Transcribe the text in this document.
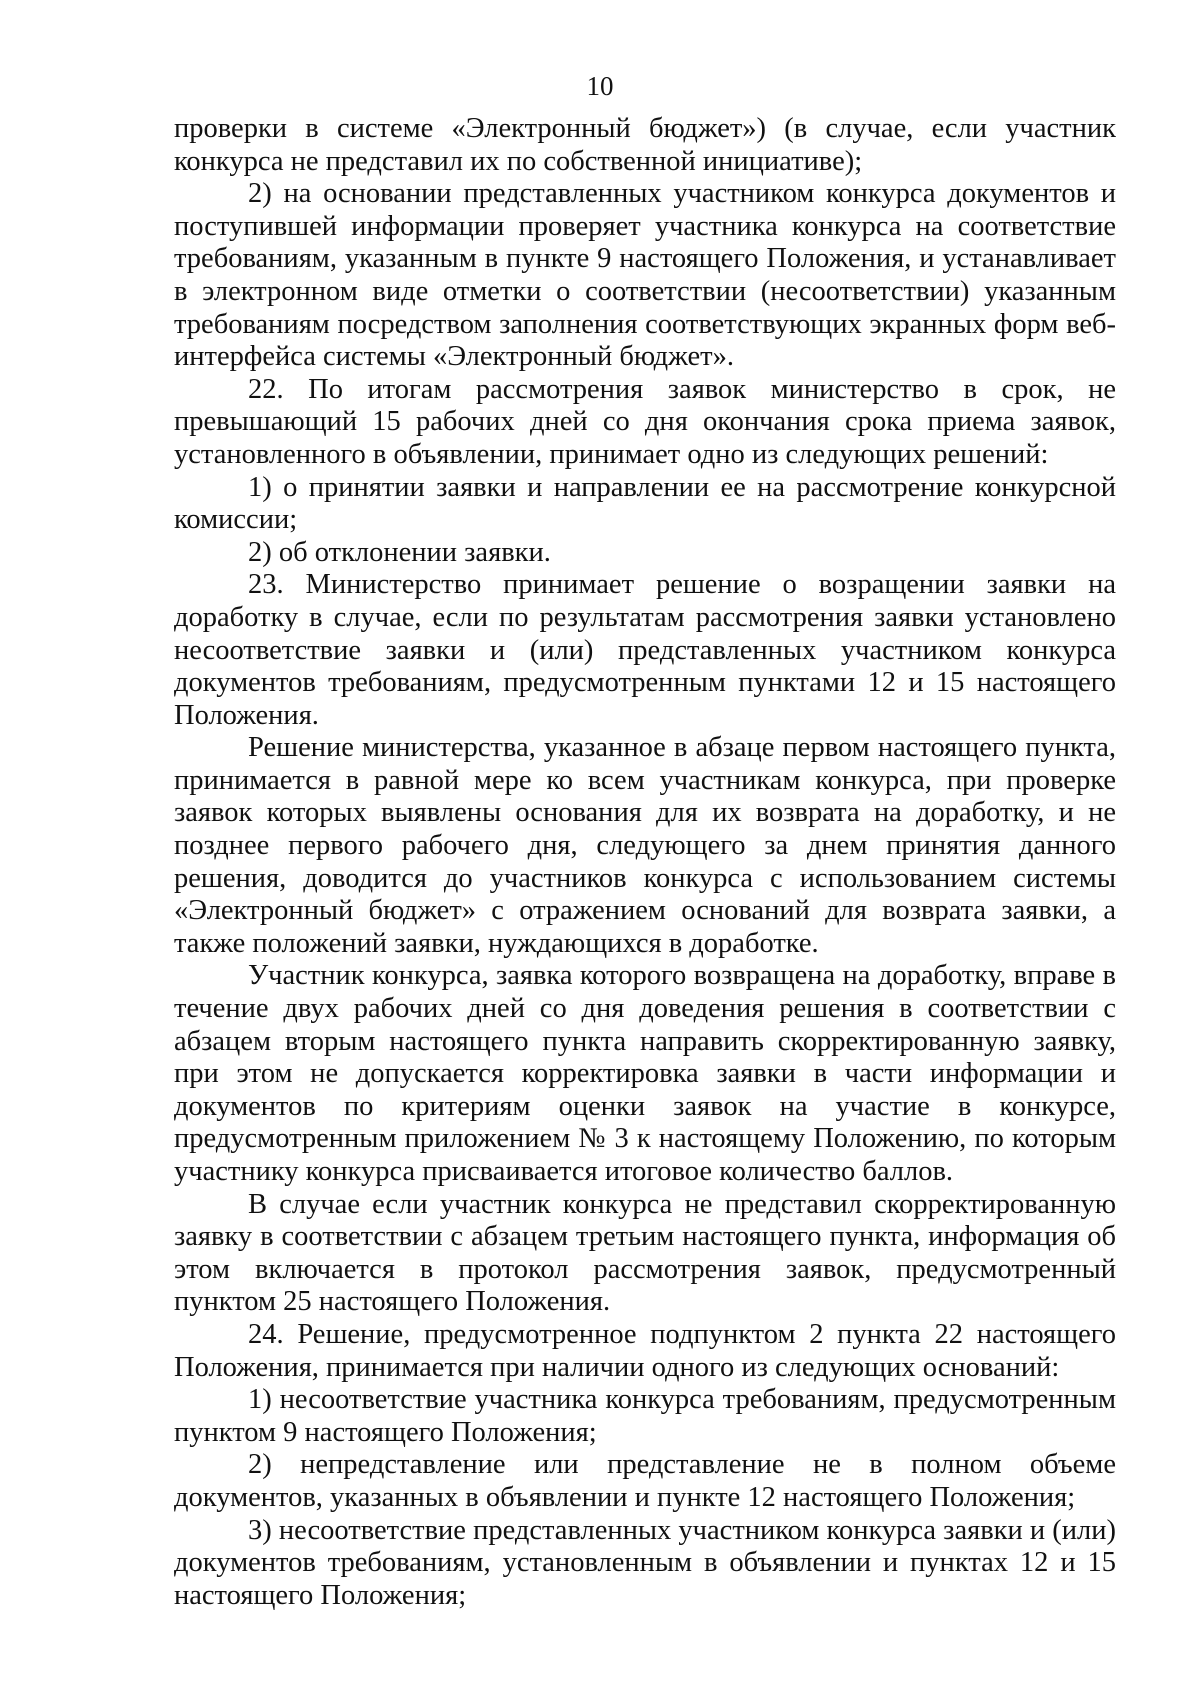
10

проверки в системе «Электронный бюджет») (в случае, если участник конкурса не представил их по собственной инициативе);

2) на основании представленных участником конкурса документов и поступившей информации проверяет участника конкурса на соответствие требованиям, указанным в пункте 9 настоящего Положения, и устанавливает в электронном виде отметки о соответствии (несоответствии) указанным требованиям посредством заполнения соответствующих экранных форм веб-интерфейса системы «Электронный бюджет».

22. По итогам рассмотрения заявок министерство в срок, не превышающий 15 рабочих дней со дня окончания срока приема заявок, установленного в объявлении, принимает одно из следующих решений:

1) о принятии заявки и направлении ее на рассмотрение конкурсной комиссии;

2) об отклонении заявки.

23. Министерство принимает решение о возращении заявки на доработку в случае, если по результатам рассмотрения заявки установлено несоответствие заявки и (или) представленных участником конкурса документов требованиям, предусмотренным пунктами 12 и 15 настоящего Положения.

Решение министерства, указанное в абзаце первом настоящего пункта, принимается в равной мере ко всем участникам конкурса, при проверке заявок которых выявлены основания для их возврата на доработку, и не позднее первого рабочего дня, следующего за днем принятия данного решения, доводится до участников конкурса с использованием системы «Электронный бюджет» с отражением оснований для возврата заявки, а также положений заявки, нуждающихся в доработке.

Участник конкурса, заявка которого возвращена на доработку, вправе в течение двух рабочих дней со дня доведения решения в соответствии с абзацем вторым настоящего пункта направить скорректированную заявку, при этом не допускается корректировка заявки в части информации и документов по критериям оценки заявок на участие в конкурсе, предусмотренным приложением № 3 к настоящему Положению, по которым участнику конкурса присваивается итоговое количество баллов.

В случае если участник конкурса не представил скорректированную заявку в соответствии с абзацем третьим настоящего пункта, информация об этом включается в протокол рассмотрения заявок, предусмотренный пунктом 25 настоящего Положения.

24. Решение, предусмотренное подпунктом 2 пункта 22 настоящего Положения, принимается при наличии одного из следующих оснований:

1) несоответствие участника конкурса требованиям, предусмотренным пунктом 9 настоящего Положения;

2) непредставление или представление не в полном объеме документов, указанных в объявлении и пункте 12 настоящего Положения;

3) несоответствие представленных участником конкурса заявки и (или) документов требованиям, установленным в объявлении и пунктах 12 и 15 настоящего Положения;
